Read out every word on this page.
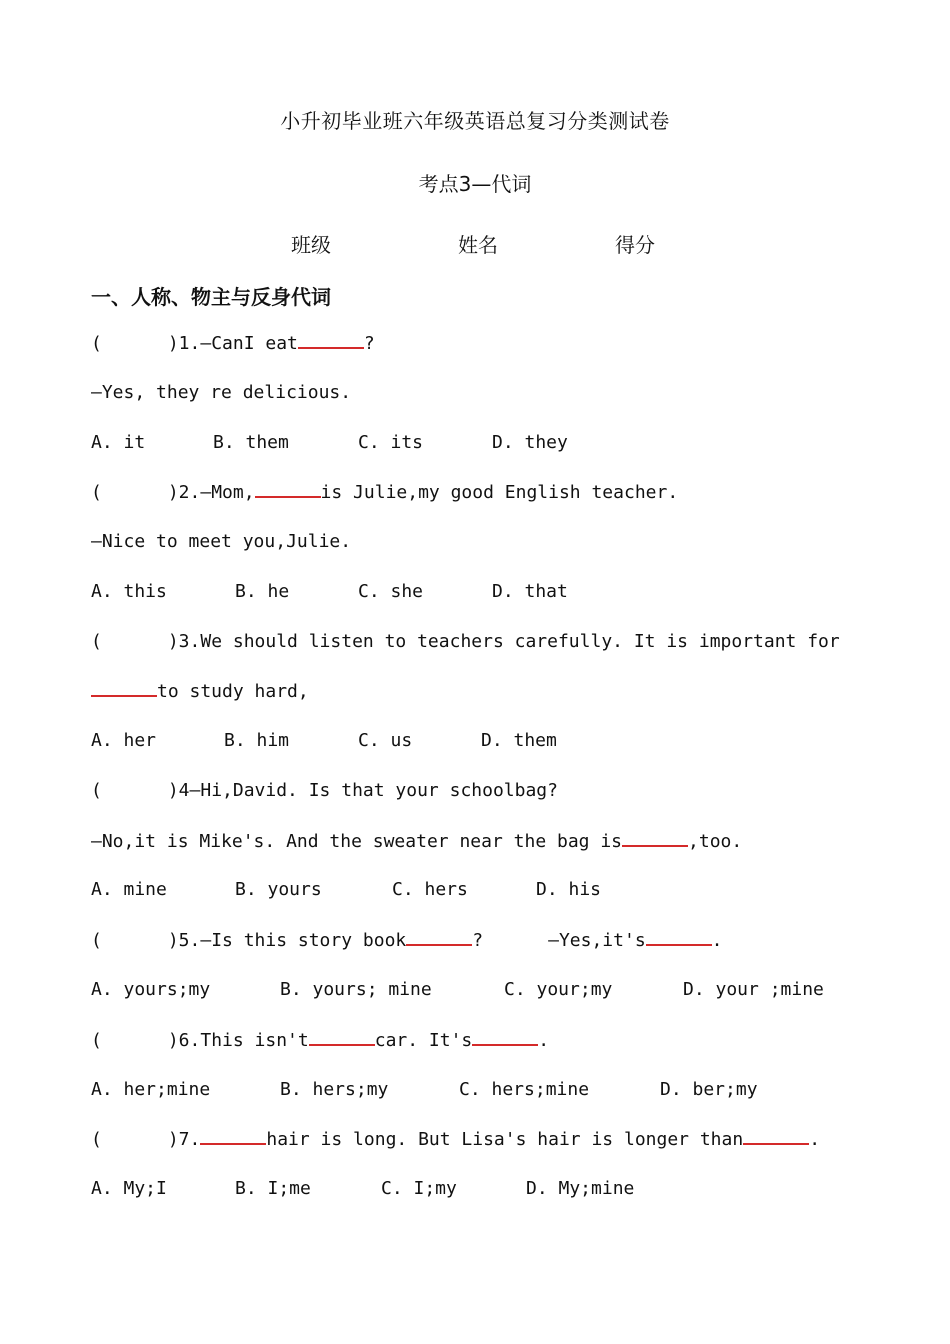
小升初毕业班六年级英语总复习分类测试卷
考点3—代词
班级	姓名	得分
一、人称、物主与反身代词
(	)1.—CanI eat	?
—Yes, they re delicious.

A. it

	B. them

	C. its

	D. they

(	)2.—Mom,	is Julie,my good English teacher.
—Nice to meet you,Julie.

A. this

	B. he

	C. she

	D. that

(	)3.We should listen to teachers carefully. It is important for
to study hard,

A. her

	B. him

	C. us

	D. them

(	)4—Hi,David. Is that your schoolbag?
—No,it is Mike's. And the sweater near the bag is	,too.

A. mine

	B. yours

	C. hers

	D. his

(	)5.—Is this story book	?      —Yes,it's	.

A. yours;my

	B. yours; mine

	C. your;my

	D. your ;mine

(	)6.This isn't	car. It's	.

A. her;mine

	B. hers;my

	C. hers;mine

	D. ber;my

(	)7.	hair is long. But Lisa's hair is longer than	.

A. My;I

	B. I;me

	C. I;my

	D. My;mine
